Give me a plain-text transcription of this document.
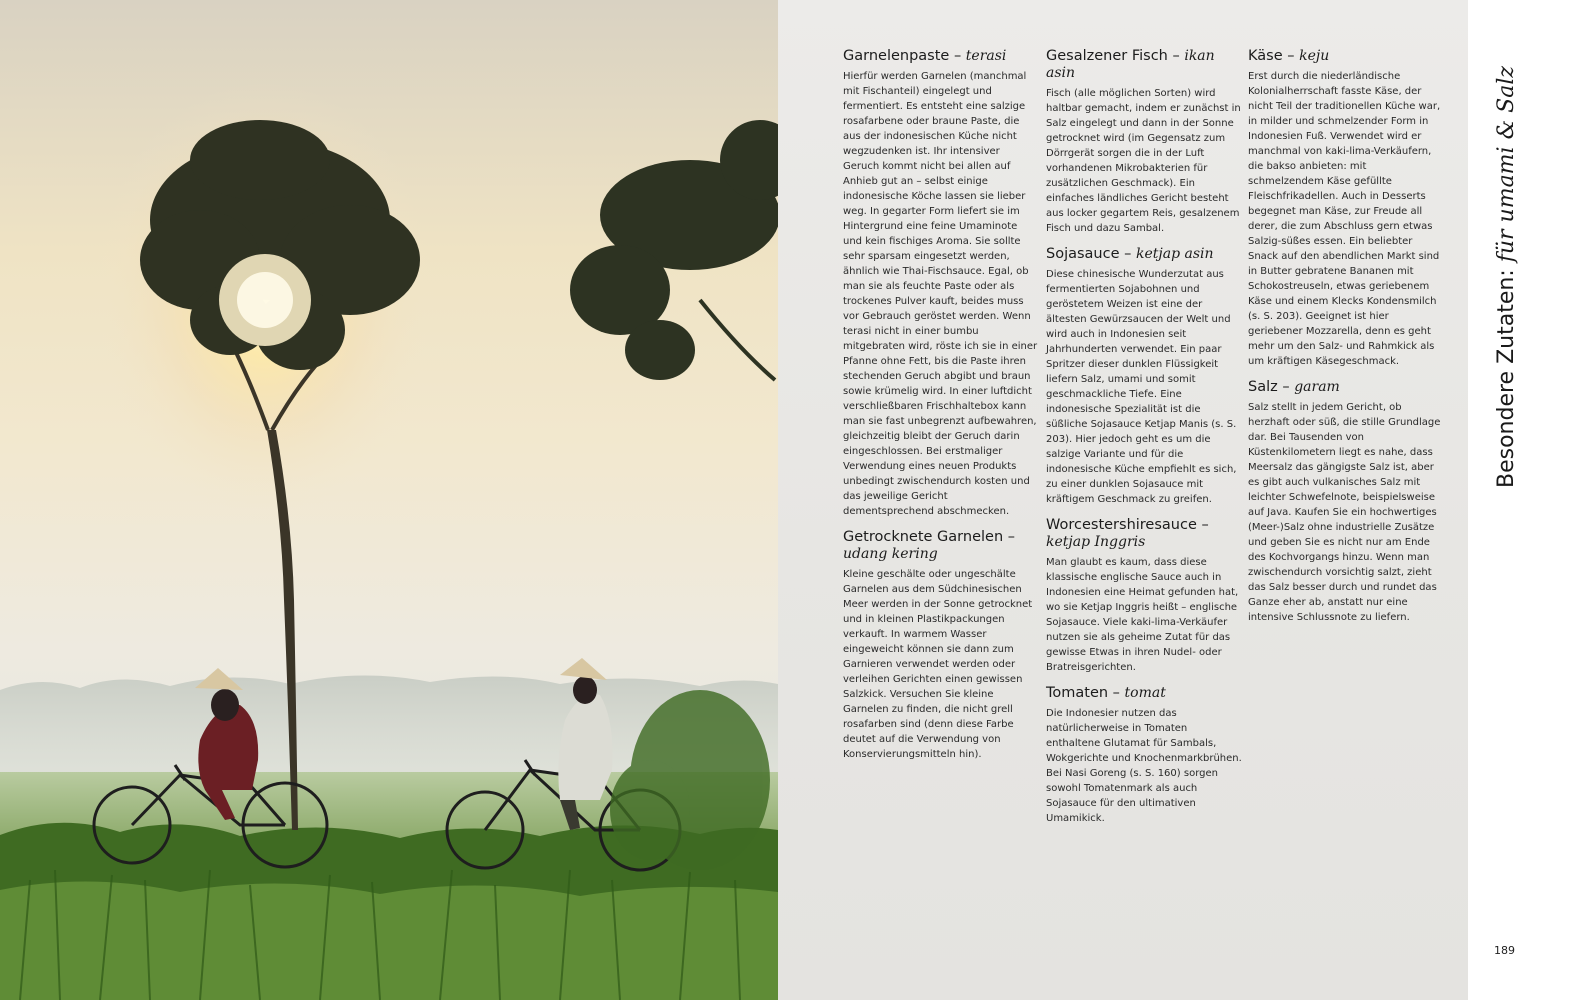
Garnelenpaste – terasi

Hierfür werden Garnelen (manchmal mit Fischanteil) eingelegt und fermentiert. Es entsteht eine salzige rosafarbene oder braune Paste, die aus der indonesischen Küche nicht wegzudenken ist. Ihr intensiver Geruch kommt nicht bei allen auf Anhieb gut an – selbst einige indonesische Köche lassen sie lieber weg. In gegarter Form liefert sie im Hintergrund eine feine Umaminote und kein fischiges Aroma. Sie sollte sehr sparsam eingesetzt werden, ähnlich wie Thai-Fischsauce. Egal, ob man sie als feuchte Paste oder als trockenes Pulver kauft, beides muss vor Gebrauch geröstet werden. Wenn terasi nicht in einer bumbu mitgebraten wird, röste ich sie in einer Pfanne ohne Fett, bis die Paste ihren stechenden Geruch abgibt und braun sowie krümelig wird. In einer luftdicht verschließbaren Frischhaltebox kann man sie fast unbegrenzt aufbewahren, gleichzeitig bleibt der Geruch darin eingeschlossen. Bei erstmaliger Verwendung eines neuen Produkts unbedingt zwischendurch kosten und das jeweilige Gericht dementsprechend abschmecken.

Getrocknete Garnelen – udang kering

Kleine geschälte oder ungeschälte Garnelen aus dem Südchinesischen Meer werden in der Sonne getrocknet und in kleinen Plastikpackungen verkauft. In warmem Wasser eingeweicht können sie dann zum Garnieren verwendet werden oder verleihen Gerichten einen gewissen Salzkick. Versuchen Sie kleine Garnelen zu finden, die nicht grell rosafarben sind (denn diese Farbe deutet auf die Verwendung von Konservierungsmitteln hin).

Gesalzener Fisch – ikan asin

Fisch (alle möglichen Sorten) wird haltbar gemacht, indem er zunächst in Salz eingelegt und dann in der Sonne getrocknet wird (im Gegensatz zum Dörrgerät sorgen die in der Luft vorhandenen Mikrobakterien für zusätzlichen Geschmack). Ein einfaches ländliches Gericht besteht aus locker gegartem Reis, gesalzenem Fisch und dazu Sambal.

Sojasauce – ketjap asin

Diese chinesische Wunderzutat aus fermentierten Sojabohnen und geröstetem Weizen ist eine der ältesten Gewürzsaucen der Welt und wird auch in Indonesien seit Jahrhunderten verwendet. Ein paar Spritzer dieser dunklen Flüssigkeit liefern Salz, umami und somit geschmackliche Tiefe. Eine indonesische Spezialität ist die süßliche Sojasauce Ketjap Manis (s. S. 203). Hier jedoch geht es um die salzige Variante und für die indonesische Küche empfiehlt es sich, zu einer dunklen Sojasauce mit kräftigem Geschmack zu greifen.

Worcestershiresauce – ketjap Inggris

Man glaubt es kaum, dass diese klassische englische Sauce auch in Indonesien eine Heimat gefunden hat, wo sie Ketjap Inggris heißt – englische Sojasauce. Viele kaki-lima-Verkäufer nutzen sie als geheime Zutat für das gewisse Etwas in ihren Nudel- oder Bratreisgerichten.

Tomaten – tomat

Die Indonesier nutzen das natürlicherweise in Tomaten enthaltene Glutamat für Sambals, Wokgerichte und Knochenmarkbrühen. Bei Nasi Goreng (s. S. 160) sorgen sowohl Tomatenmark als auch Sojasauce für den ultimativen Umamikick.

Käse – keju

Erst durch die niederländische Kolonialherrschaft fasste Käse, der nicht Teil der traditionellen Küche war, in milder und schmelzender Form in Indonesien Fuß. Verwendet wird er manchmal von kaki-lima-Verkäufern, die bakso anbieten: mit schmelzendem Käse gefüllte Fleischfrikadellen. Auch in Desserts begegnet man Käse, zur Freude all derer, die zum Abschluss gern etwas Salzig-süßes essen. Ein beliebter Snack auf den abendlichen Markt sind in Butter gebratene Bananen mit Schokostreuseln, etwas geriebenem Käse und einem Klecks Kondensmilch (s. S. 203). Geeignet ist hier geriebener Mozzarella, denn es geht mehr um den Salz- und Rahmkick als um kräftigen Käsegeschmack.

Salz – garam

Salz stellt in jedem Gericht, ob herzhaft oder süß, die stille Grundlage dar. Bei Tausenden von Küstenkilometern liegt es nahe, dass Meersalz das gängigste Salz ist, aber es gibt auch vulkanisches Salz mit leichter Schwefelnote, beispielsweise auf Java. Kaufen Sie ein hochwertiges (Meer-)Salz ohne industrielle Zusätze und geben Sie es nicht nur am Ende des Kochvorgangs hinzu. Wenn man zwischendurch vorsichtig salzt, zieht das Salz besser durch und rundet das Ganze eher ab, anstatt nur eine intensive Schlussnote zu liefern.

Besondere Zutaten: für umami & Salz
189
